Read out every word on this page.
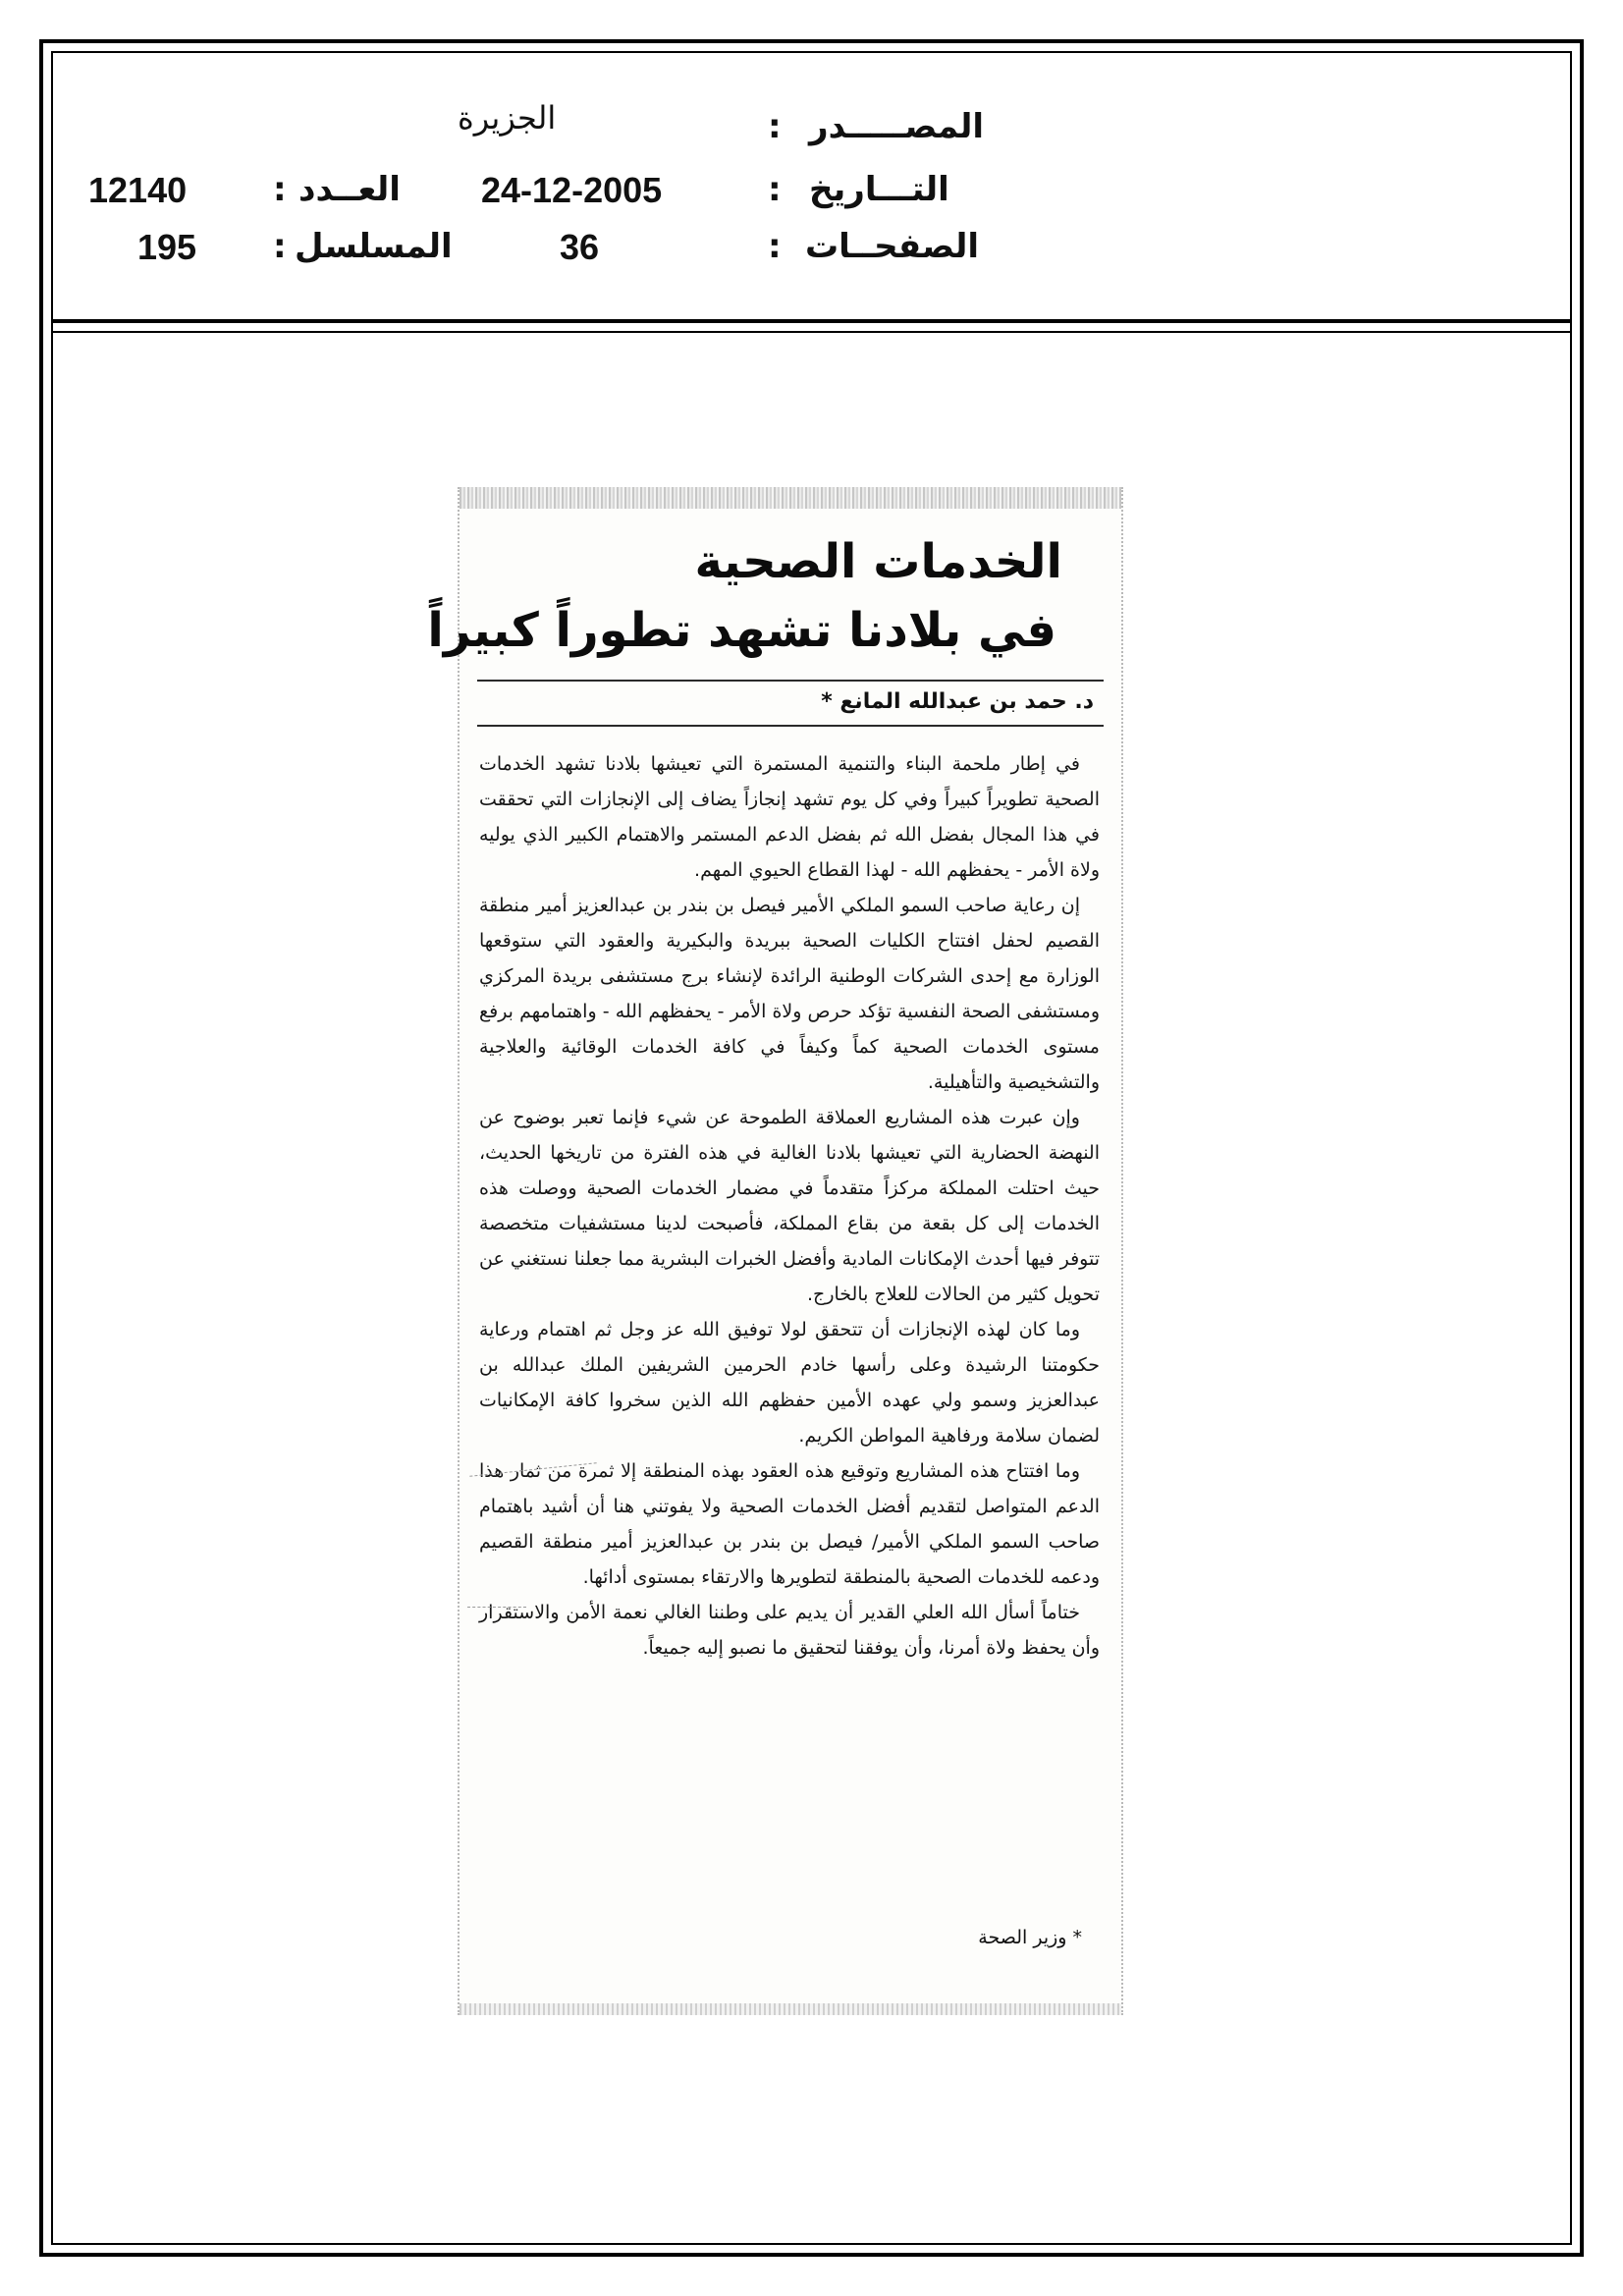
المصـــــدر
:
الجزيرة
التـــاريخ
:
24-12-2005
العــدد
:
12140
الصفحــات
:
36
المسلسل
:
195
الخدمات الصحية
في بلادنا تشهد تطوراً كبيراً
د. حمد بن عبدالله المانع *

في إطار ملحمة البناء والتنمية المستمرة التي تعيشها بلادنا تشهد الخدمات الصحية تطويراً كبيراً وفي كل يوم تشهد إنجازاً يضاف إلى الإنجازات التي تحققت في هذا المجال بفضل الله ثم بفضل الدعم المستمر والاهتمام الكبير الذي يوليه ولاة الأمر - يحفظهم الله - لهذا القطاع الحيوي المهم.

إن رعاية صاحب السمو الملكي الأمير فيصل بن بندر بن عبدالعزيز أمير منطقة القصيم لحفل افتتاح الكليات الصحية ببريدة والبكيرية والعقود التي ستوقعها الوزارة مع إحدى الشركات الوطنية الرائدة لإنشاء برج مستشفى بريدة المركزي ومستشفى الصحة النفسية تؤكد حرص ولاة الأمر - يحفظهم الله - واهتمامهم برفع مستوى الخدمات الصحية كماً وكيفاً في كافة الخدمات الوقائية والعلاجية والتشخيصية والتأهيلية.

وإن عبرت هذه المشاريع العملاقة الطموحة عن شيء فإنما تعبر بوضوح عن النهضة الحضارية التي تعيشها بلادنا الغالية في هذه الفترة من تاريخها الحديث، حيث احتلت المملكة مركزاً متقدماً في مضمار الخدمات الصحية ووصلت هذه الخدمات إلى كل بقعة من بقاع المملكة، فأصبحت لدينا مستشفيات متخصصة تتوفر فيها أحدث الإمكانات المادية وأفضل الخبرات البشرية مما جعلنا نستغني عن تحويل كثير من الحالات للعلاج بالخارج.

وما كان لهذه الإنجازات أن تتحقق لولا توفيق الله عز وجل ثم اهتمام ورعاية حكومتنا الرشيدة وعلى رأسها خادم الحرمين الشريفين الملك عبدالله بن عبدالعزيز وسمو ولي عهده الأمين حفظهم الله الذين سخروا كافة الإمكانيات لضمان سلامة ورفاهية المواطن الكريم.

وما افتتاح هذه المشاريع وتوقيع هذه العقود بهذه المنطقة إلا ثمرة من ثمار هذا الدعم المتواصل لتقديم أفضل الخدمات الصحية ولا يفوتني هنا أن أشيد باهتمام صاحب السمو الملكي الأمير/ فيصل بن بندر بن عبدالعزيز أمير منطقة القصيم ودعمه للخدمات الصحية بالمنطقة لتطويرها والارتقاء بمستوى أدائها.

ختاماً أسأل الله العلي القدير أن يديم على وطننا الغالي نعمة الأمن والاستقرار وأن يحفظ ولاة أمرنا، وأن يوفقنا لتحقيق ما نصبو إليه جميعاً.

* وزير الصحة
